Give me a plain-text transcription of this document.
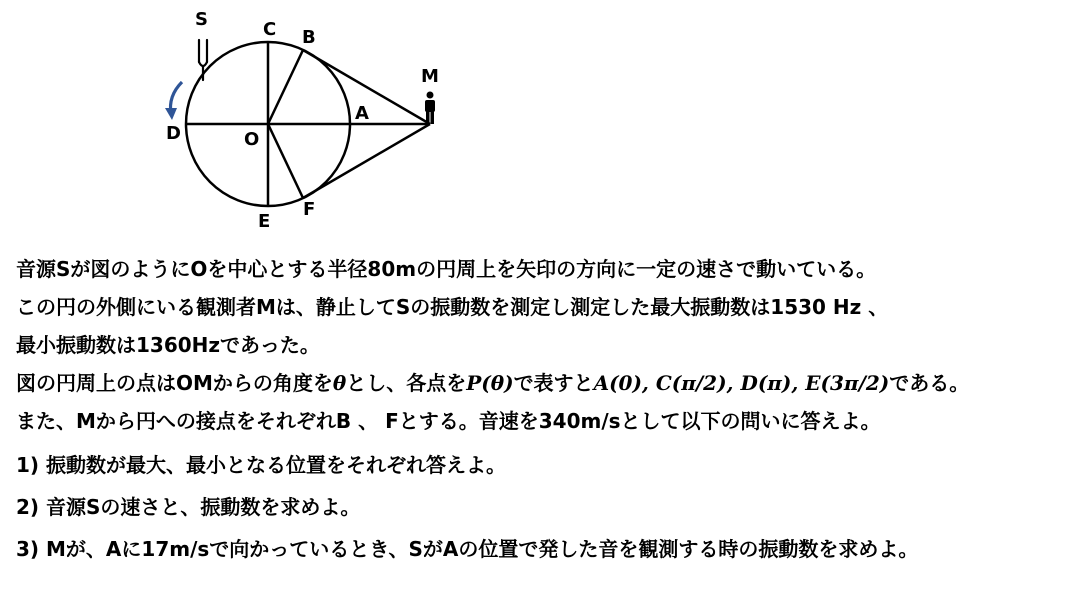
S	C B
M
A
D	O
E
F
音源Sが図のようにOを中心とする半径80mの円周上を矢印の方向に一定の速さで動いている。
この円の外側にいる観測者Mは、静止してSの振動数を測定し測定した最大振動数は1530 Hz 、
最小振動数は1360Hzであった。
図の円周上の点はOMからの角度をθとし、各点をP(θ)で表すとA(0), C(π/2), D(π), E(3π/2)である。
また、Mから円への接点をそれぞれB 、 Fとする。音速を340m/sとして以下の問いに答えよ。
1) 振動数が最大、最小となる位置をそれぞれ答えよ。
2) 音源Sの速さと、振動数を求めよ。
3) Mが、Aに17m/sで向かっているとき、SがAの位置で発した音を観測する時の振動数を求めよ。
